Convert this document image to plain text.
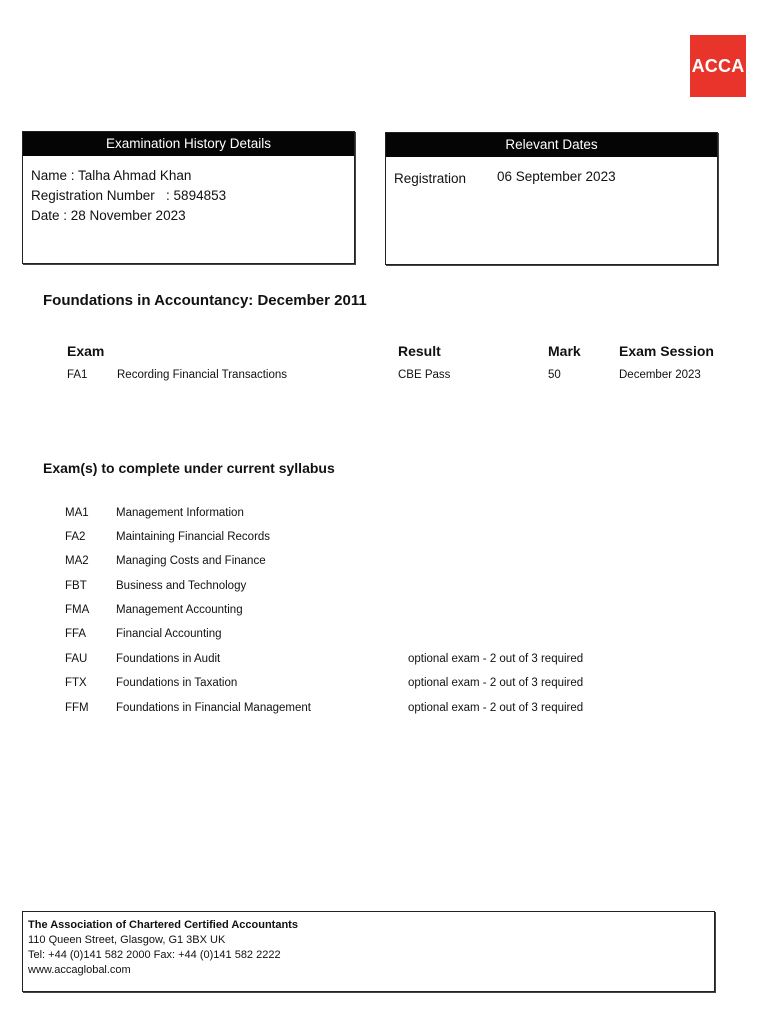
ACCA
Examination History Details
Name : Talha Ahmad Khan
Registration Number   : 5894853
Date : 28 November 2023
Relevant Dates
Registration	06 September 2023
Foundations in Accountancy: December 2011
Exam	Result	Mark	Exam Session
FA1	Recording Financial Transactions	CBE Pass	50	December 2023
Exam(s) to complete under current syllabus
MA1 Management Information
FA2	Maintaining Financial Records
MA2 Managing Costs and Finance
FBT	Business and Technology
FMA Management Accounting
FFA	Financial Accounting
FAU Foundations in Audit	optional exam - 2 out of 3 required
FTX	Foundations in Taxation	optional exam - 2 out of 3 required
FFM Foundations in Financial Management	optional exam - 2 out of 3 required
The Association of Chartered Certified Accountants
110 Queen Street, Glasgow, G1 3BX UK
Tel: +44 (0)141 582 2000 Fax: +44 (0)141 582 2222
www.accaglobal.com
